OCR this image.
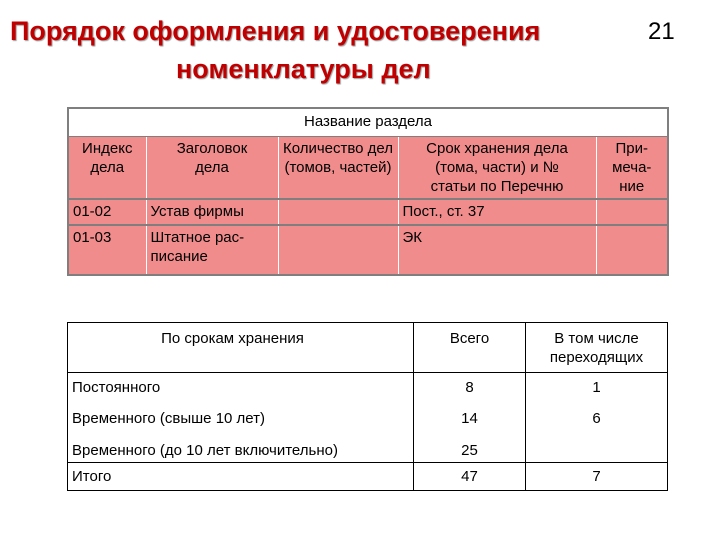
Порядок оформления и удостоверения
номенклатуры дел
21
Название раздела				
Индекс дела	Заголовок дела	Количество дел (томов, частей)	Срок хранения дела (тома, части) и № статьи по Перечню	При-меча-ние
01-02	Устав фирмы		Пост., ст. 37	
01-03	Штатное рас-писание		ЭК	
По срокам хранения	Всего	В том числе переходящих
Постоянного	8	1
Временного (свыше 10 лет)	14	6
Временного (до 10 лет включительно)	25	
Итого	47	7
